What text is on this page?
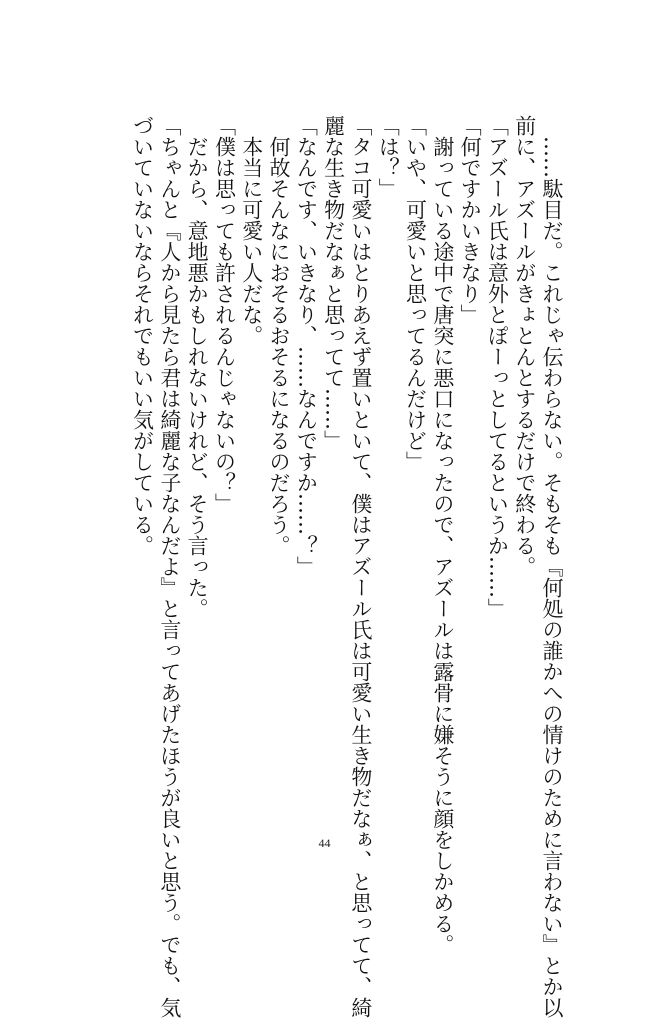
　……駄目だ。これじゃ伝わらない。そもそも『何処の誰かへの情けのために言わない』とか以
前に、アズールがきょとんとするだけで終わる。
「アズール氏は意外とぽーっとしてるというか……」
「何ですかいきなり」
　謝っている途中で唐突に悪口になったので、アズールは露骨に嫌そうに顔をしかめる。
「いや、可愛いと思ってるんだけど」
「は？」
「タコ可愛いはとりあえず置いといて、僕はアズール氏は可愛い生き物だなぁ、と思ってて、綺
麗な生き物だなぁと思ってて……」
「なんです、いきなり、……なんですか……？」
　何故そんなにおそるおそるになるのだろう。
　本当に可愛い人だな。
「僕は思っても許されるんじゃないの？」
　だから、意地悪かもしれないけれど、そう言った。
「ちゃんと『人から見たら君は綺麗な子なんだよ』と言ってあげたほうが良いと思う。でも、気
づいていないならそれでもいい気がしている。
44
